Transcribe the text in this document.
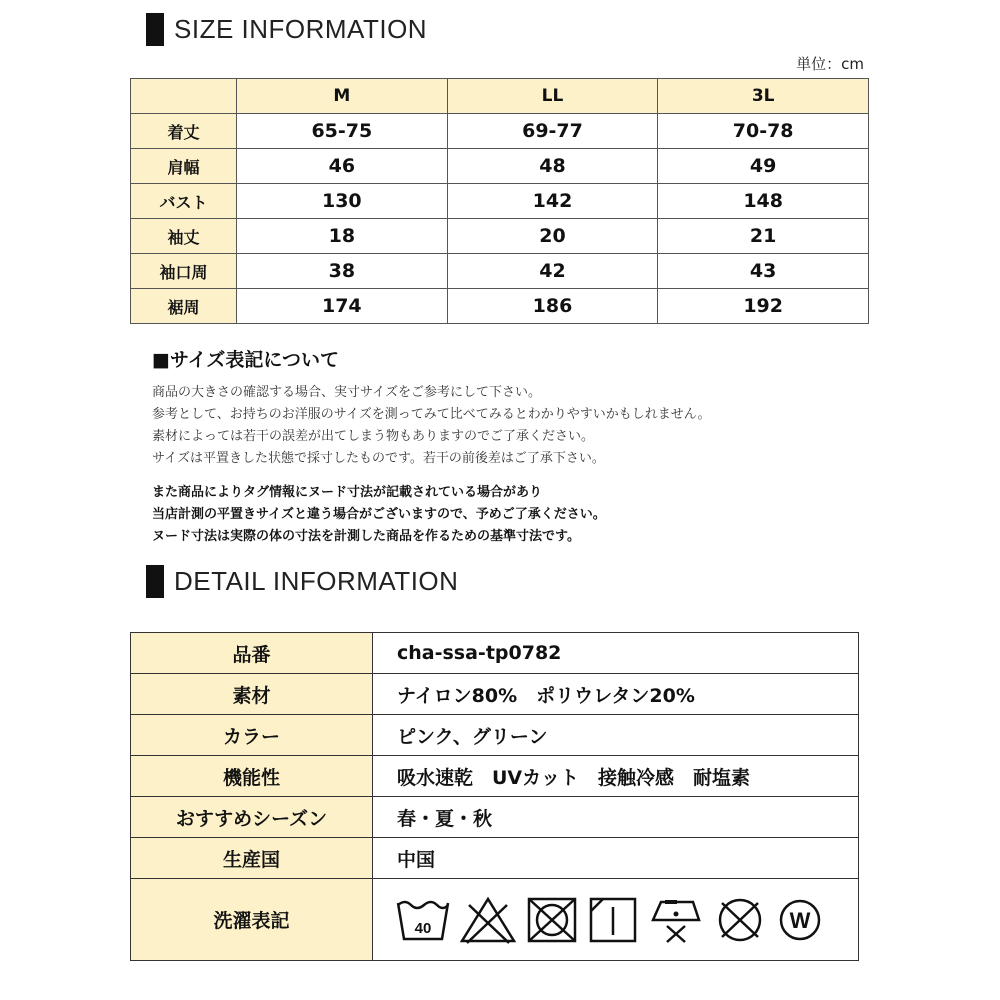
SIZE INFORMATION
単位：cm
	M	LL	3L
着丈	65-75	69-77	70-78
肩幅	46	48	49
バスト	130	142	148
袖丈	18	20	21
袖口周	38	42	43
裾周	174	186	192
■サイズ表記について
商品の大きさの確認する場合、実寸サイズをご参考にして下さい。
参考として、お持ちのお洋服のサイズを測ってみて比べてみるとわかりやすいかもしれません。
素材によっては若干の誤差が出てしまう物もありますのでご了承ください。
サイズは平置きした状態で採寸したものです。若干の前後差はご了承下さい。
また商品によりタグ情報にヌード寸法が記載されている場合があり
当店計測の平置きサイズと違う場合がございますので、予めご了承ください。
ヌード寸法は実際の体の寸法を計測した商品を作るための基準寸法です。
DETAIL INFORMATION
品番	cha-ssa-tp0782
素材	ナイロン80%　ポリウレタン20%
カラー	ピンク、グリーン
機能性	吸水速乾　UVカット　接触冷感　耐塩素
おすすめシーズン	春・夏・秋
生産国	中国
洗濯表記	40 W
